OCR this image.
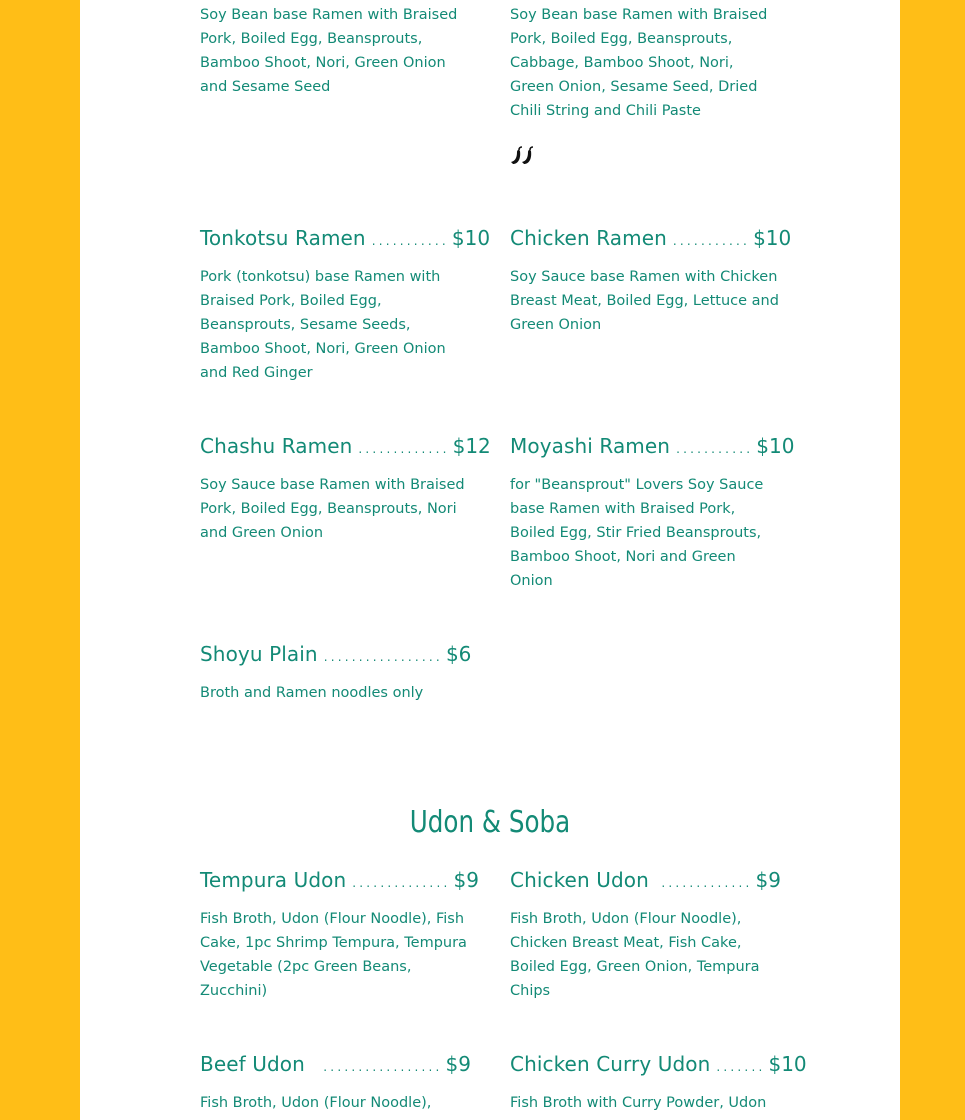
Soy Bean base Ramen with Braised Pork, Boiled Egg, Beansprouts, Bamboo Shoot, Nori, Green Onion and Sesame Seed
Soy Bean base Ramen with Braised Pork, Boiled Egg, Beansprouts, Cabbage, Bamboo Shoot, Nori, Green Onion, Sesame Seed, Dried Chili String and Chili Paste
Tonkotsu Ramen ........... $10
Pork (tonkotsu) base Ramen with Braised Pork, Boiled Egg, Beansprouts, Sesame Seeds, Bamboo Shoot, Nori, Green Onion and Red Ginger
Chicken Ramen ........... $10
Soy Sauce base Ramen with Chicken Breast Meat, Boiled Egg, Lettuce and Green Onion
Chashu Ramen ............. $12
Soy Sauce base Ramen with Braised Pork, Boiled Egg, Beansprouts, Nori and Green Onion
Moyashi Ramen ........... $10
for "Beansprout" Lovers Soy Sauce base Ramen with Braised Pork, Boiled Egg, Stir Fried Beansprouts, Bamboo Shoot, Nori and Green Onion
Shoyu Plain ................. $6
Broth and Ramen noodles only
Udon & Soba
Tempura Udon .............. $9
Fish Broth, Udon (Flour Noodle), Fish Cake, 1pc Shrimp Tempura, Tempura Vegetable (2pc Green Beans, Zucchini)
Chicken Udon	............. $9
Fish Broth, Udon (Flour Noodle), Chicken Breast Meat, Fish Cake, Boiled Egg, Green Onion, Tempura Chips
Beef Udon	................. $9
Fish Broth, Udon (Flour Noodle),
Chicken Curry Udon ....... $10
Fish Broth with Curry Powder, Udon
